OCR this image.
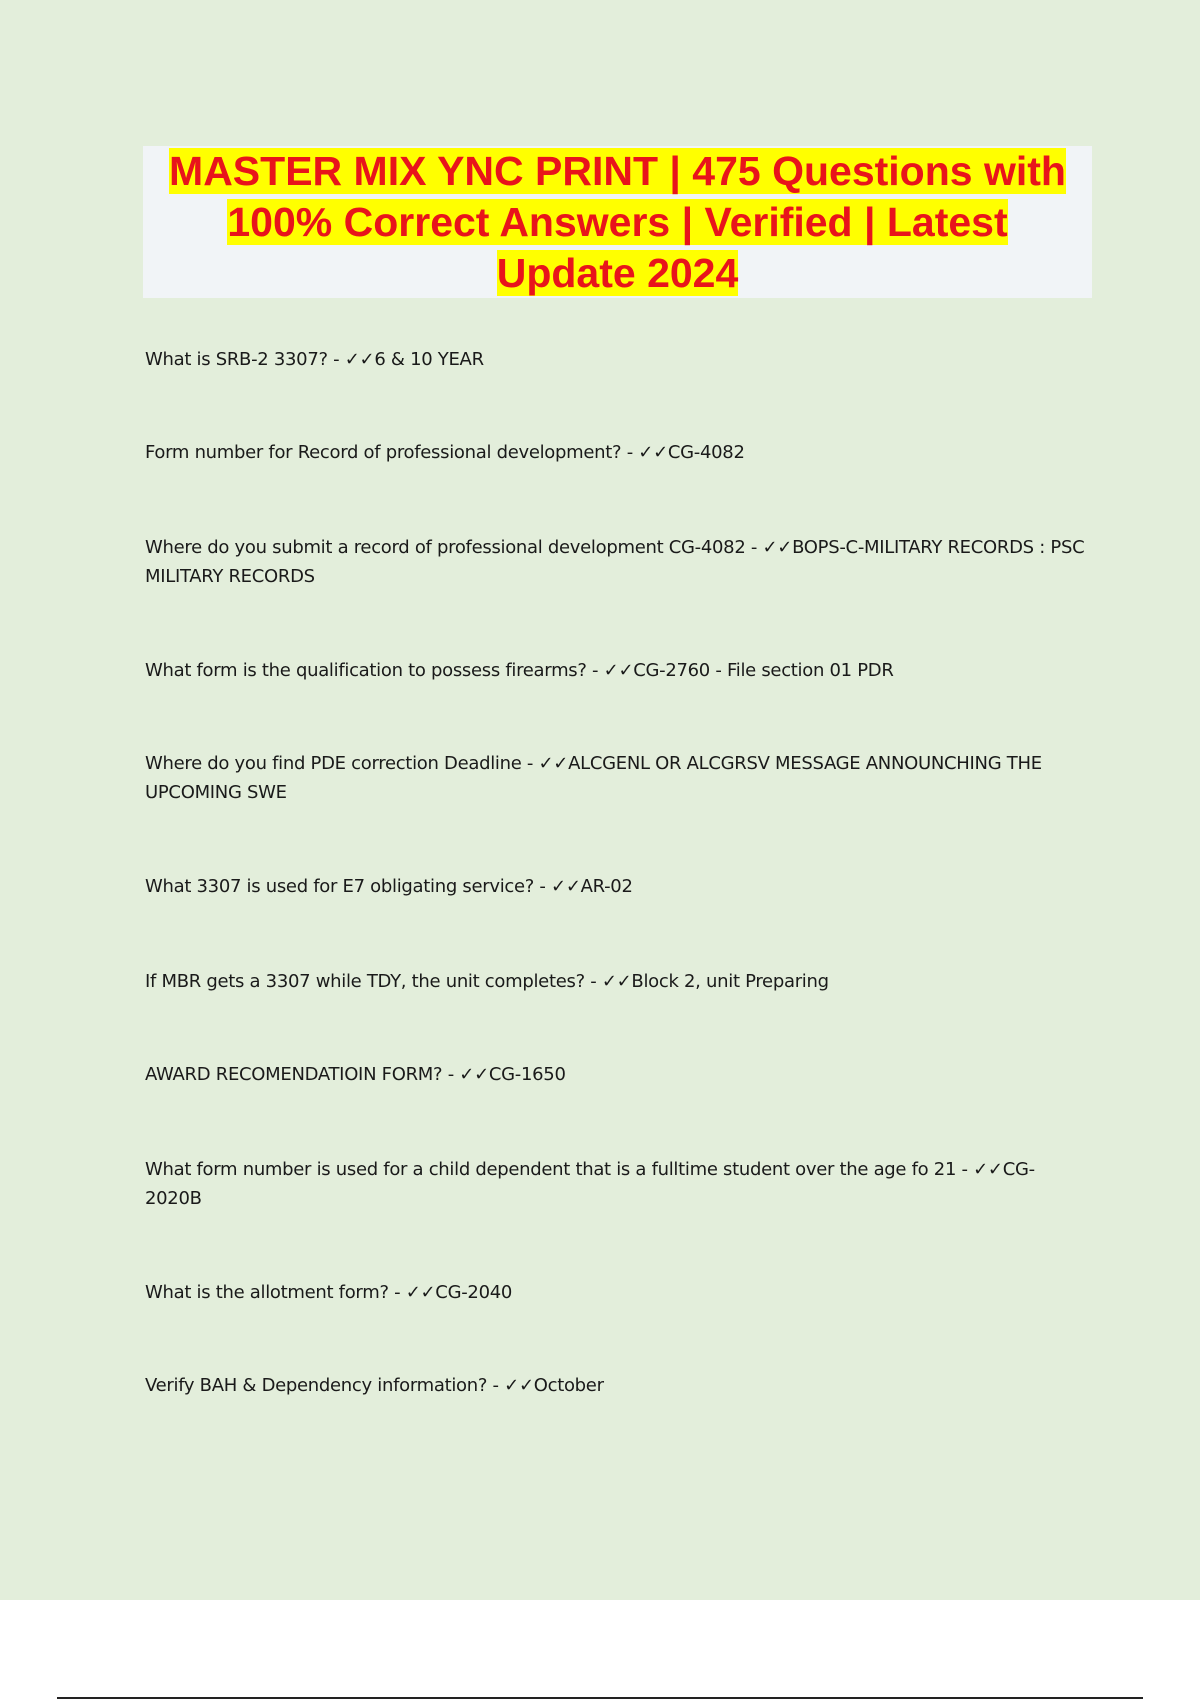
MASTER MIX YNC PRINT | 475 Questions with 100% Correct Answers | Verified | Latest Update 2024
What is SRB-2 3307? - ✓✓6 & 10 YEAR
Form number for Record of professional development? - ✓✓CG-4082
Where do you submit a record of professional development CG-4082 - ✓✓BOPS-C-MILITARY RECORDS : PSC MILITARY RECORDS
What form is the qualification to possess firearms? - ✓✓CG-2760 - File section 01 PDR
Where do you find PDE correction Deadline - ✓✓ALCGENL OR ALCGRSV MESSAGE ANNOUNCHING THE UPCOMING SWE
What 3307 is used for E7 obligating service? - ✓✓AR-02
If MBR gets a 3307 while TDY, the unit completes? - ✓✓Block 2, unit Preparing
AWARD RECOMENDATIOIN FORM? - ✓✓CG-1650
What form number is used for a child dependent that is a fulltime student over the age fo 21 - ✓✓CG-2020B
What is the allotment form? - ✓✓CG-2040
Verify BAH & Dependency information? - ✓✓October
